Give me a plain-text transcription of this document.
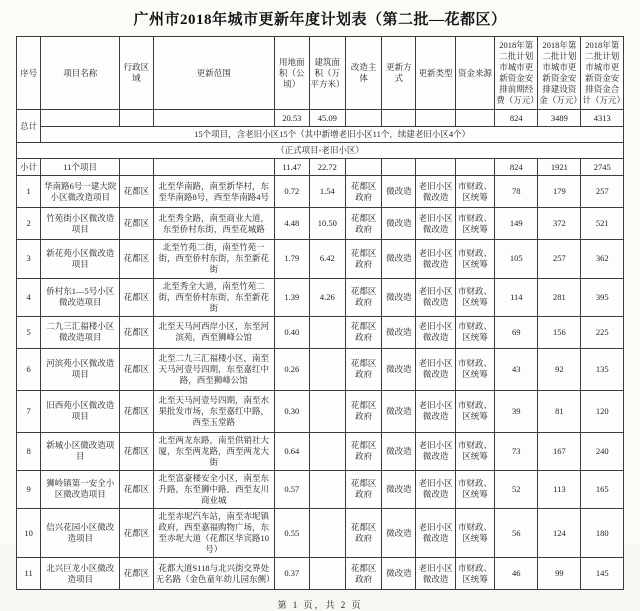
广州市2018年城市更新年度计划表（第二批—花都区）
序号	项目名称	行政区域	更新范围	用地面积（公顷）	建筑面积（万平方米）	改造主体	更新方式	更新类型	资金来源	2018年第二批计划市城市更新资金安排前期经费（万元）	2018年第二批计划市城市更新资金安排建设资金（万元）	2018年第二批计划市城市更新资金安排资金合计（万元）
总计				20.53	45.09					824	3489	4313
	15个项目，含老旧小区15个（其中新增老旧小区11个，续建老旧小区4个）											
（正式项目-老旧小区）												
小计	11个项目			11.47	22.72					824	1921	2745
1	华南路6号一建大院小区微改造项目	花都区	北至华南路，南至新华村，东至华南路8号，西至华南路4号	0.72	1.54	花都区政府	微改造	老旧小区微改造	市财政、区统筹	78	179	257
2	竹苑街小区微改造项目	花都区	北至秀全路，南至商业大道，东至侨村东街，西至花城路	4.48	10.50	花都区政府	微改造	老旧小区微改造	市财政、区统筹	149	372	521
3	新花苑小区微改造项目	花都区	北至竹苑二街，南至竹苑一街，西至侨村东街，东至新花街	1.79	6.42	花都区政府	微改造	老旧小区微改造	市财政、区统筹	105	257	362
4	侨村东1—5号小区微改造项目	花都区	北至秀全大道，南至竹苑二街，西至侨村东街，东至新花街	1.39	4.26	花都区政府	微改造	老旧小区微改造	市财政、区统筹	114	281	395
5	二九三汇福楼小区微改造项目	花都区	北至天马河西岸小区，东至河滨苑，西至狮峰公馆	0.40		花都区政府	微改造	老旧小区微改造	市财政、区统筹	69	156	225
6	河滨苑小区微改造项目	花都区	北至二九三汇福楼小区，南至天马河壹号四期，东至嘉红中路，西至狮峰公馆	0.26		花都区政府	微改造	老旧小区微改造	市财政、区统筹	43	92	135
7	旧西苑小区微改造项目	花都区	北至天马河壹号四期，南至水果批发市场，东至嘉红中路，西至玉堂路	0.30		花都区政府	微改造	老旧小区微改造	市财政、区统筹	39	81	120
8	新城小区微改造项目	花都区	北至两龙东路，南至供销社大厦，东至两龙路，西至两龙大街	0.64		花都区政府	微改造	老旧小区微改造	市财政、区统筹	73	167	240
9	狮岭镇第一安全小区微改造项目	花都区	北至富豪楼安全小区，南至东升路，东至狮中路，西至友川商业城	0.57		花都区政府	微改造	老旧小区微改造	市财政、区统筹	52	113	165
10	信兴花园小区微改造项目	花都区	北至赤坭汽车站，南至赤坭镇政府，西至嘉福购物广场，东至赤坭大道（花都区华宾路10号）	0.55		花都区政府	微改造	老旧小区微改造	市财政、区统筹	56	124	180
11	北兴巨龙小区微改造项目	花都区	花都大道S118与北兴街交界处无名路（金色童年幼儿园东侧）	0.37		花都区政府	微改造	老旧小区微改造	市财政、区统筹	46	99	145
第 1 页，共 2 页
